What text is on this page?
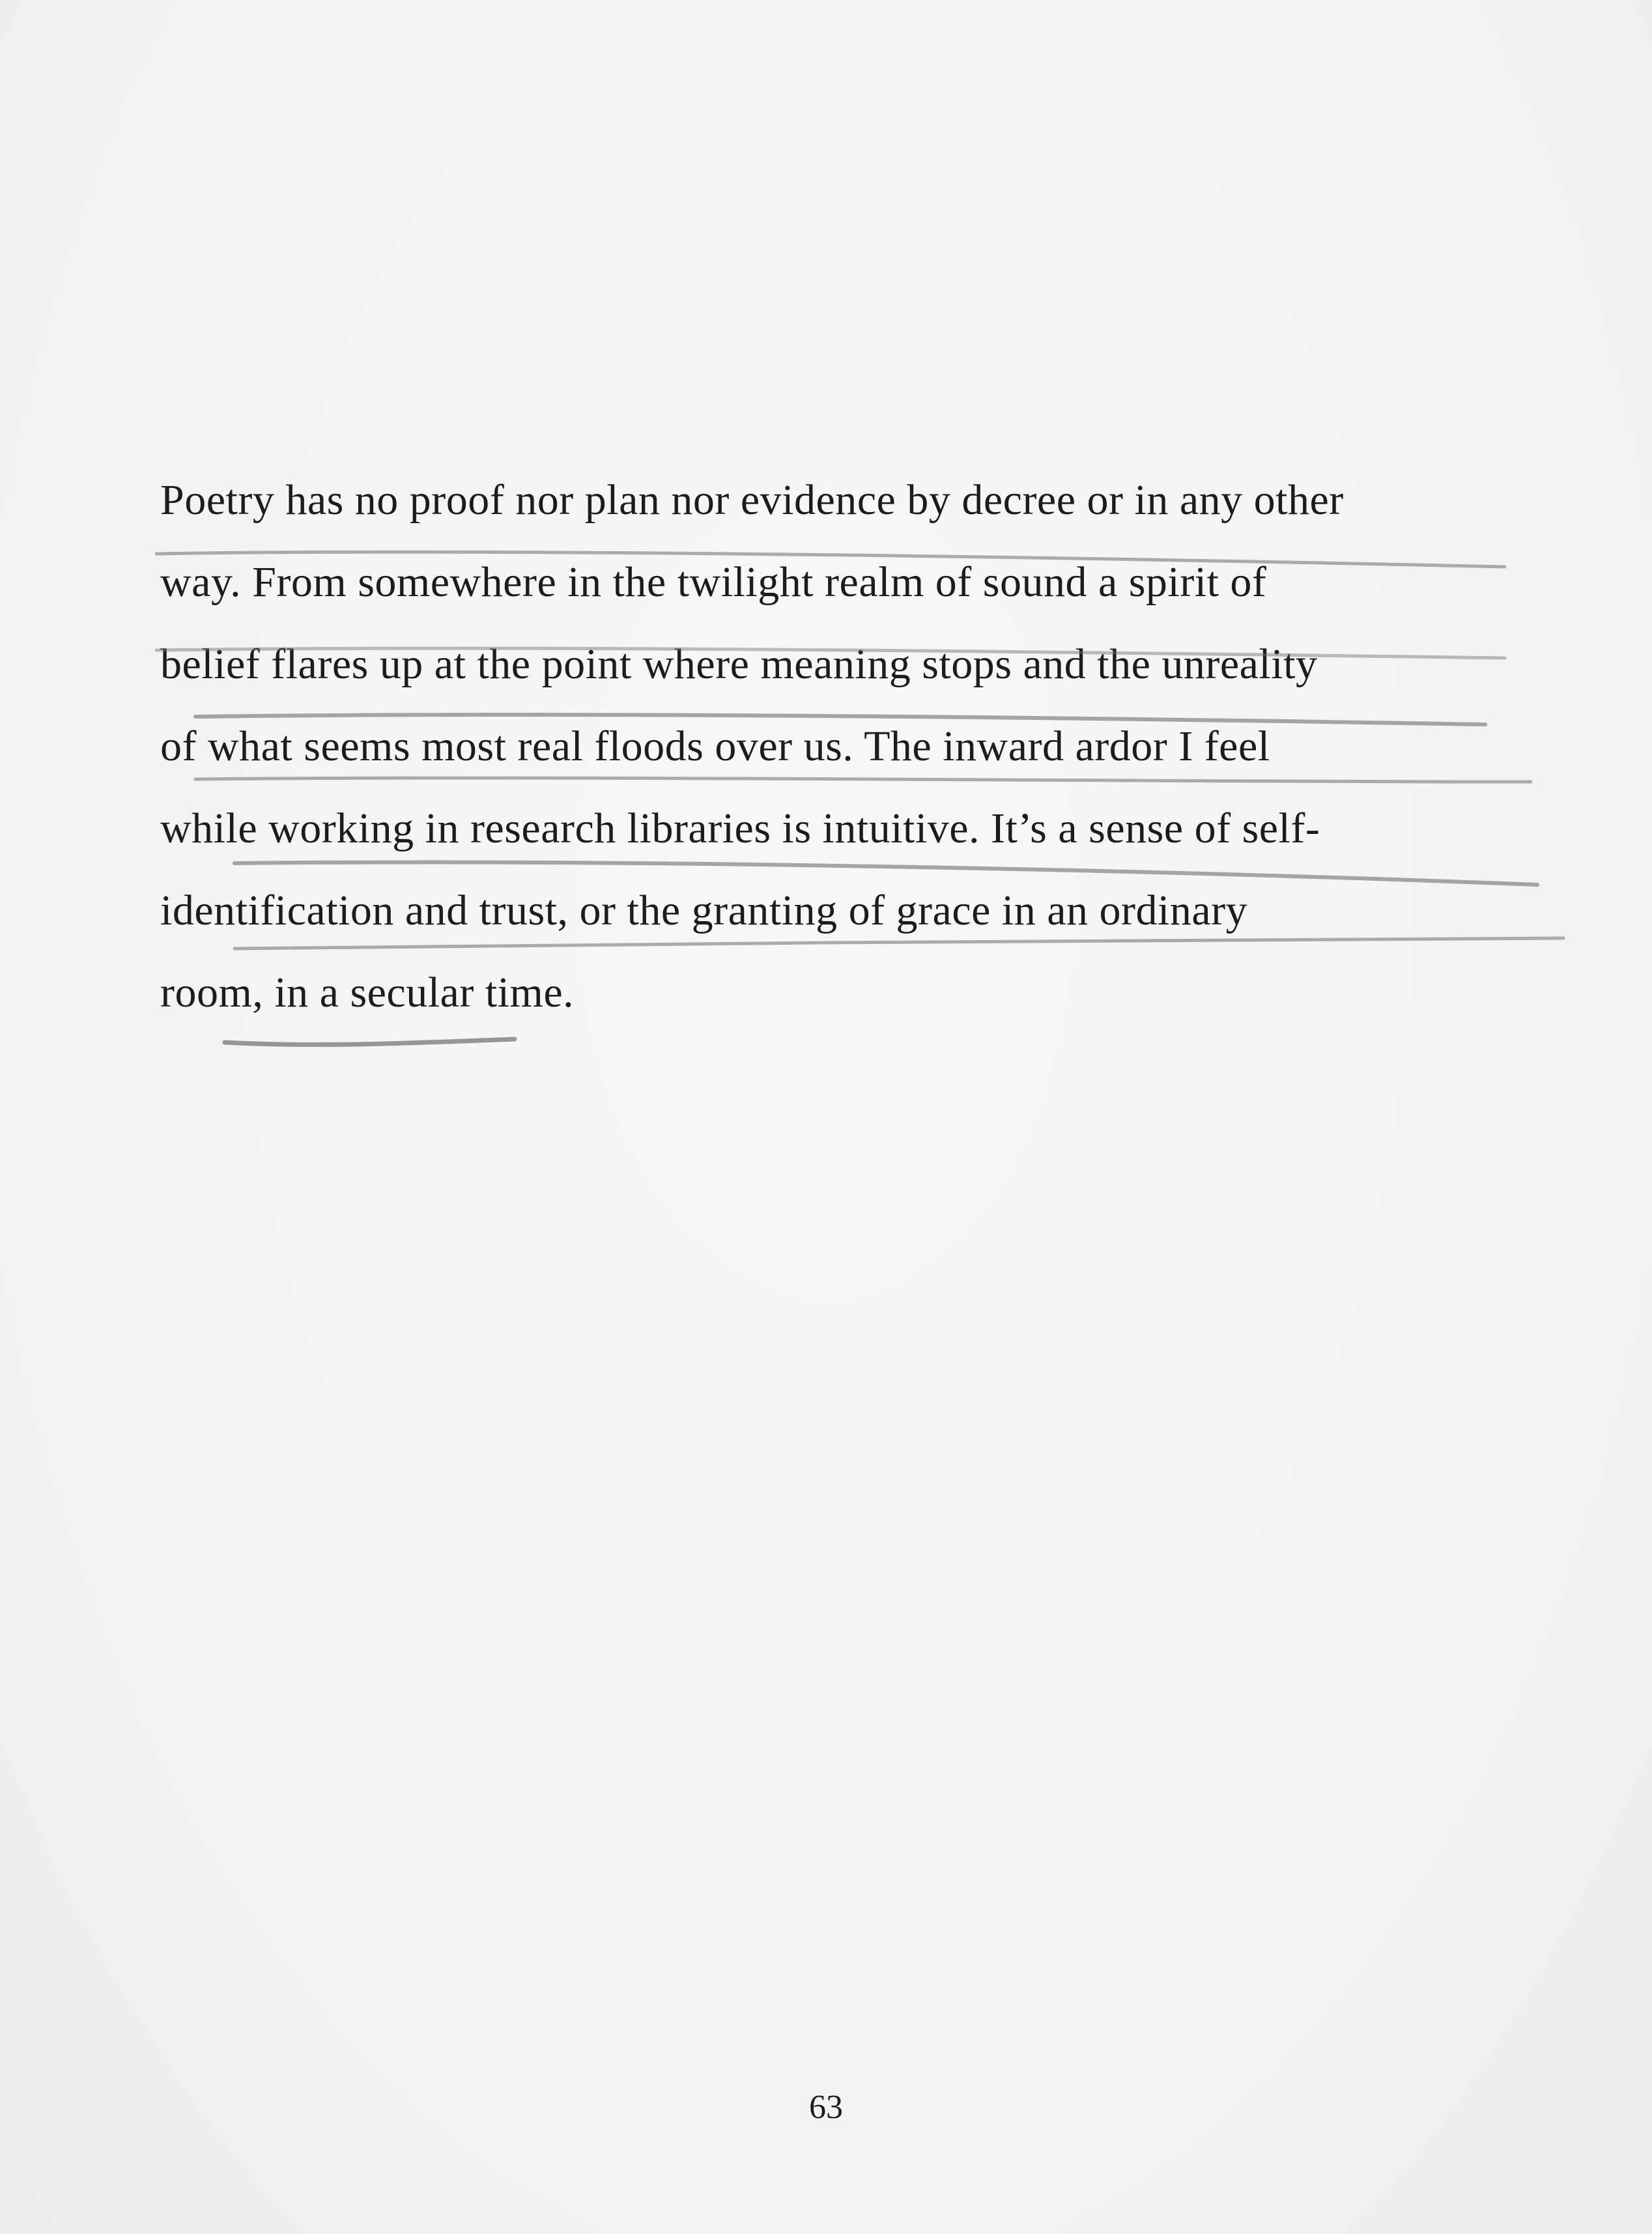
Poetry has no proof nor plan nor evidence by decree or in any other
way. From somewhere in the twilight realm of sound a spirit of
belief flares up at the point where meaning stops and the unreality
of what seems most real floods over us. The inward ardor I feel
while working in research libraries is intuitive. It’s a sense of self-
identification and trust, or the granting of grace in an ordinary
room, in a secular time.
63
